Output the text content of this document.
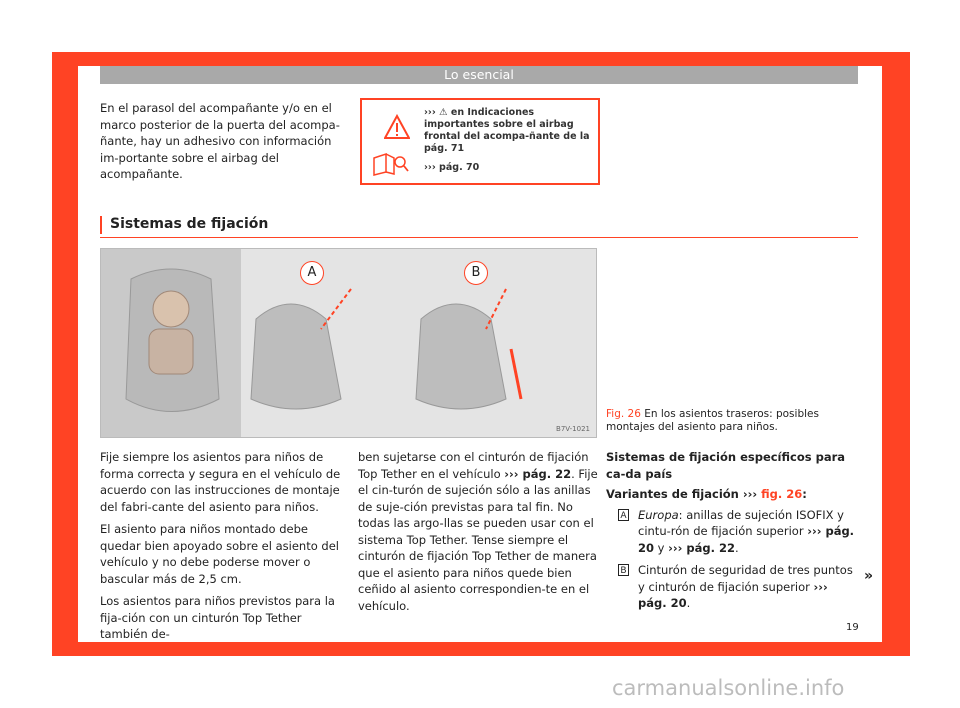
Lo esencial
En el parasol del acompañante y/o en el marco posterior de la puerta del acompa-ñante, hay un adhesivo con información im-portante sobre el airbag del acompañante.
››› ⚠ en Indicaciones importantes sobre el airbag frontal del acompa-ñante de la pág. 71
››› pág. 70
Sistemas de fijación
A	B
B7V-1021
Fig. 26 En los asientos traseros: posibles montajes del asiento para niños.

Fije siempre los asientos para niños de forma correcta y segura en el vehículo de acuerdo con las instrucciones de montaje del fabri-cante del asiento para niños.

El asiento para niños montado debe quedar bien apoyado sobre el asiento del vehículo y no debe poderse mover o bascular más de 2,5 cm.

Los asientos para niños previstos para la fija-ción con un cinturón Top Tether también de-

ben sujetarse con el cinturón de fijación Top Tether en el vehículo ››› pág. 22. Fije el cin-turón de sujeción sólo a las anillas de suje-ción previstas para tal fin. No todas las argo-llas se pueden usar con el sistema Top Tether. Tense siempre el cinturón de fijación Top Tether de manera que el asiento para niños quede bien ceñido al asiento correspondien-te en el vehículo.

Sistemas de fijación específicos para ca-da país
Variantes de fijación ››› fig. 26:
A Europa: anillas de sujeción ISOFIX y cintu-rón de fijación superior ››› pág. 20 y ››› pág. 22.
B Cinturón de seguridad de tres puntos y cinturón de fijación superior ››› pág. 20.
»
19
carmanualsonline.info
